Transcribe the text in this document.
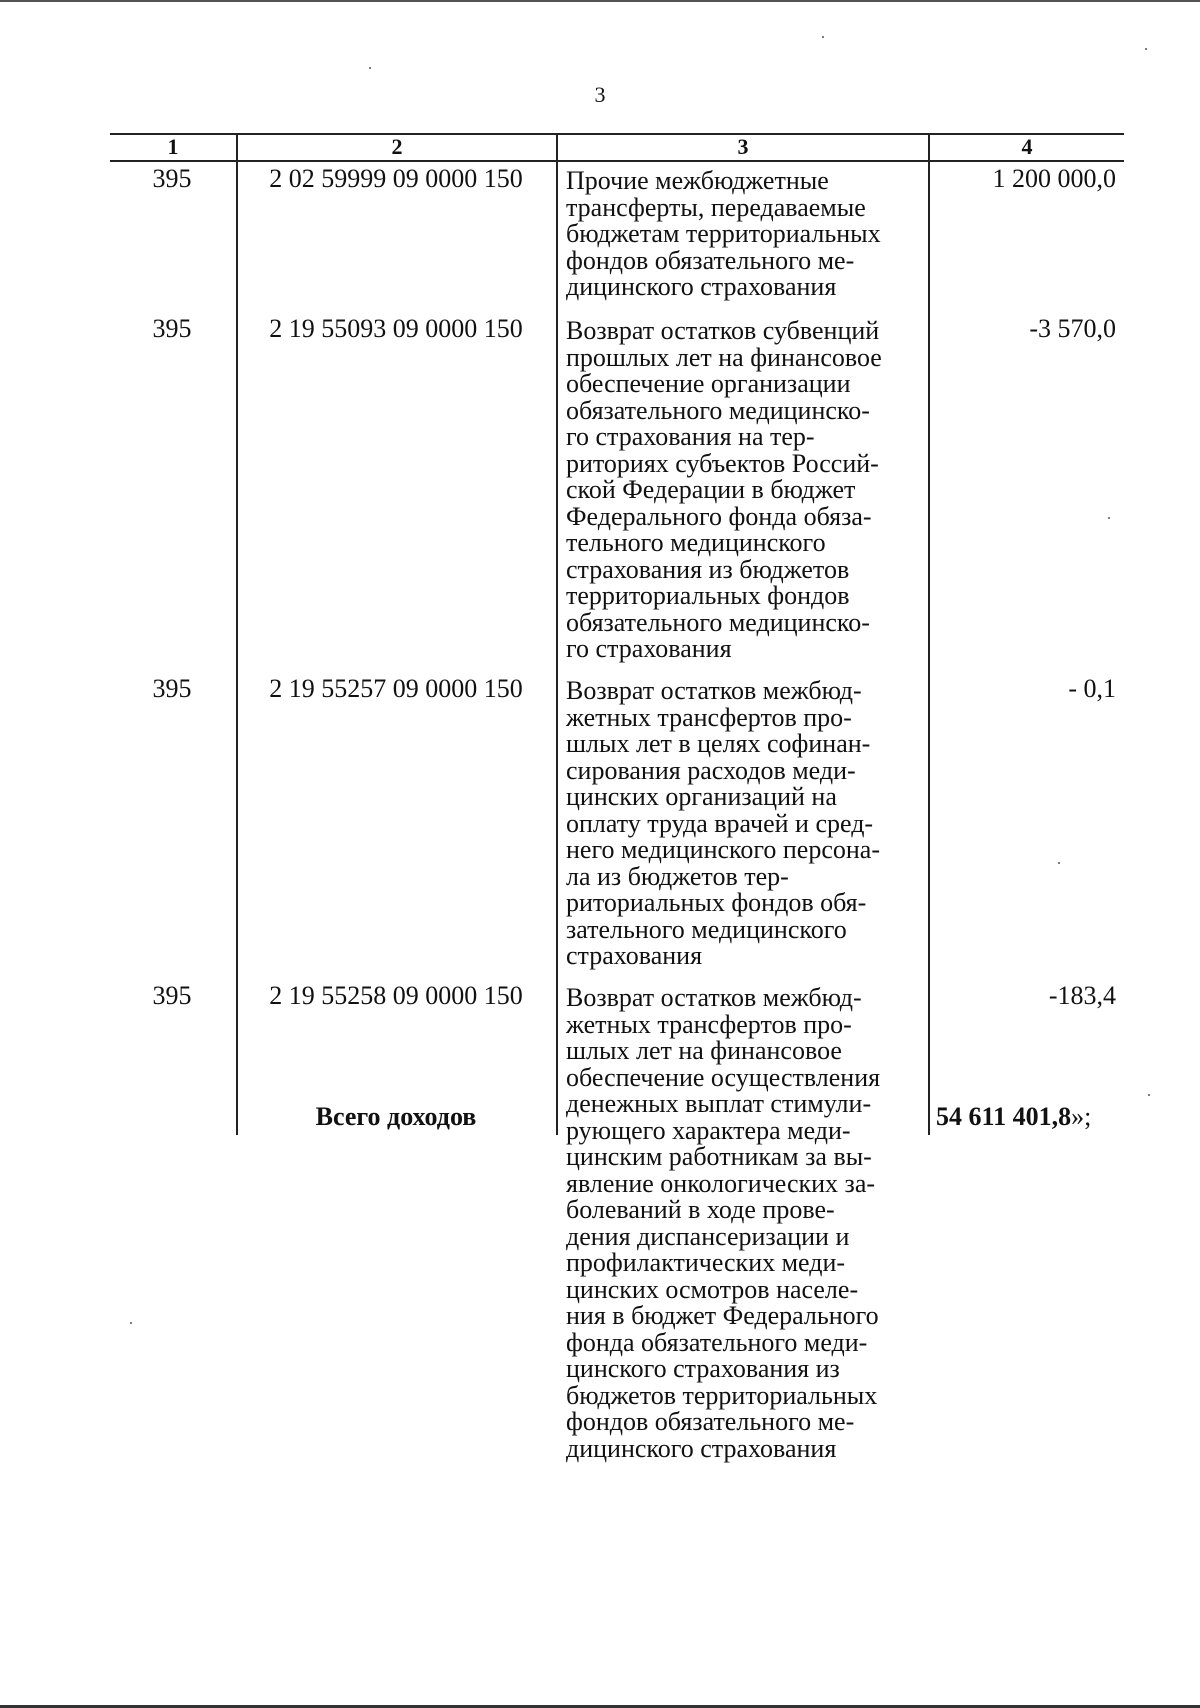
3
1	2	3	4
395	2 02 59999 09 0000 150	Прочие межбюджетные
трансферты, передаваемые
бюджетам территориальных
фондов обязательного ме-
дицинского страхования
1 200 000,0
395	2 19 55093 09 0000 150	Возврат остатков субвенций
прошлых лет на финансовое
обеспечение организации
обязательного медицинско-
го страхования на тер-
риториях субъектов Россий-
ской Федерации в бюджет
Федерального фонда обяза-
тельного медицинского
страхования из бюджетов
территориальных фондов
обязательного медицинско-
го страхования
-3 570,0
395	2 19 55257 09 0000 150	Возврат остатков межбюд-
жетных трансфертов про-
шлых лет в целях софинан-
сирования расходов меди-
цинских организаций на
оплату труда врачей и сред-
него медицинского персона-
ла из бюджетов тер-
риториальных фондов обя-
зательного медицинского
страхования
- 0,1
395	2 19 55258 09 0000 150	Возврат остатков межбюд-
жетных трансфертов про-
шлых лет на финансовое
обеспечение осуществления
денежных выплат стимули-
рующего характера меди-
цинским работникам за вы-
явление онкологических за-
болеваний в ходе прове-
дения диспансеризации и
профилактических меди-
цинских осмотров населе-
ния в бюджет Федерального
фонда обязательного меди-
цинского страхования из
бюджетов территориальных
фондов обязательного ме-
дицинского страхования
-183,4
Всего доходов	54 611 401,8»;
